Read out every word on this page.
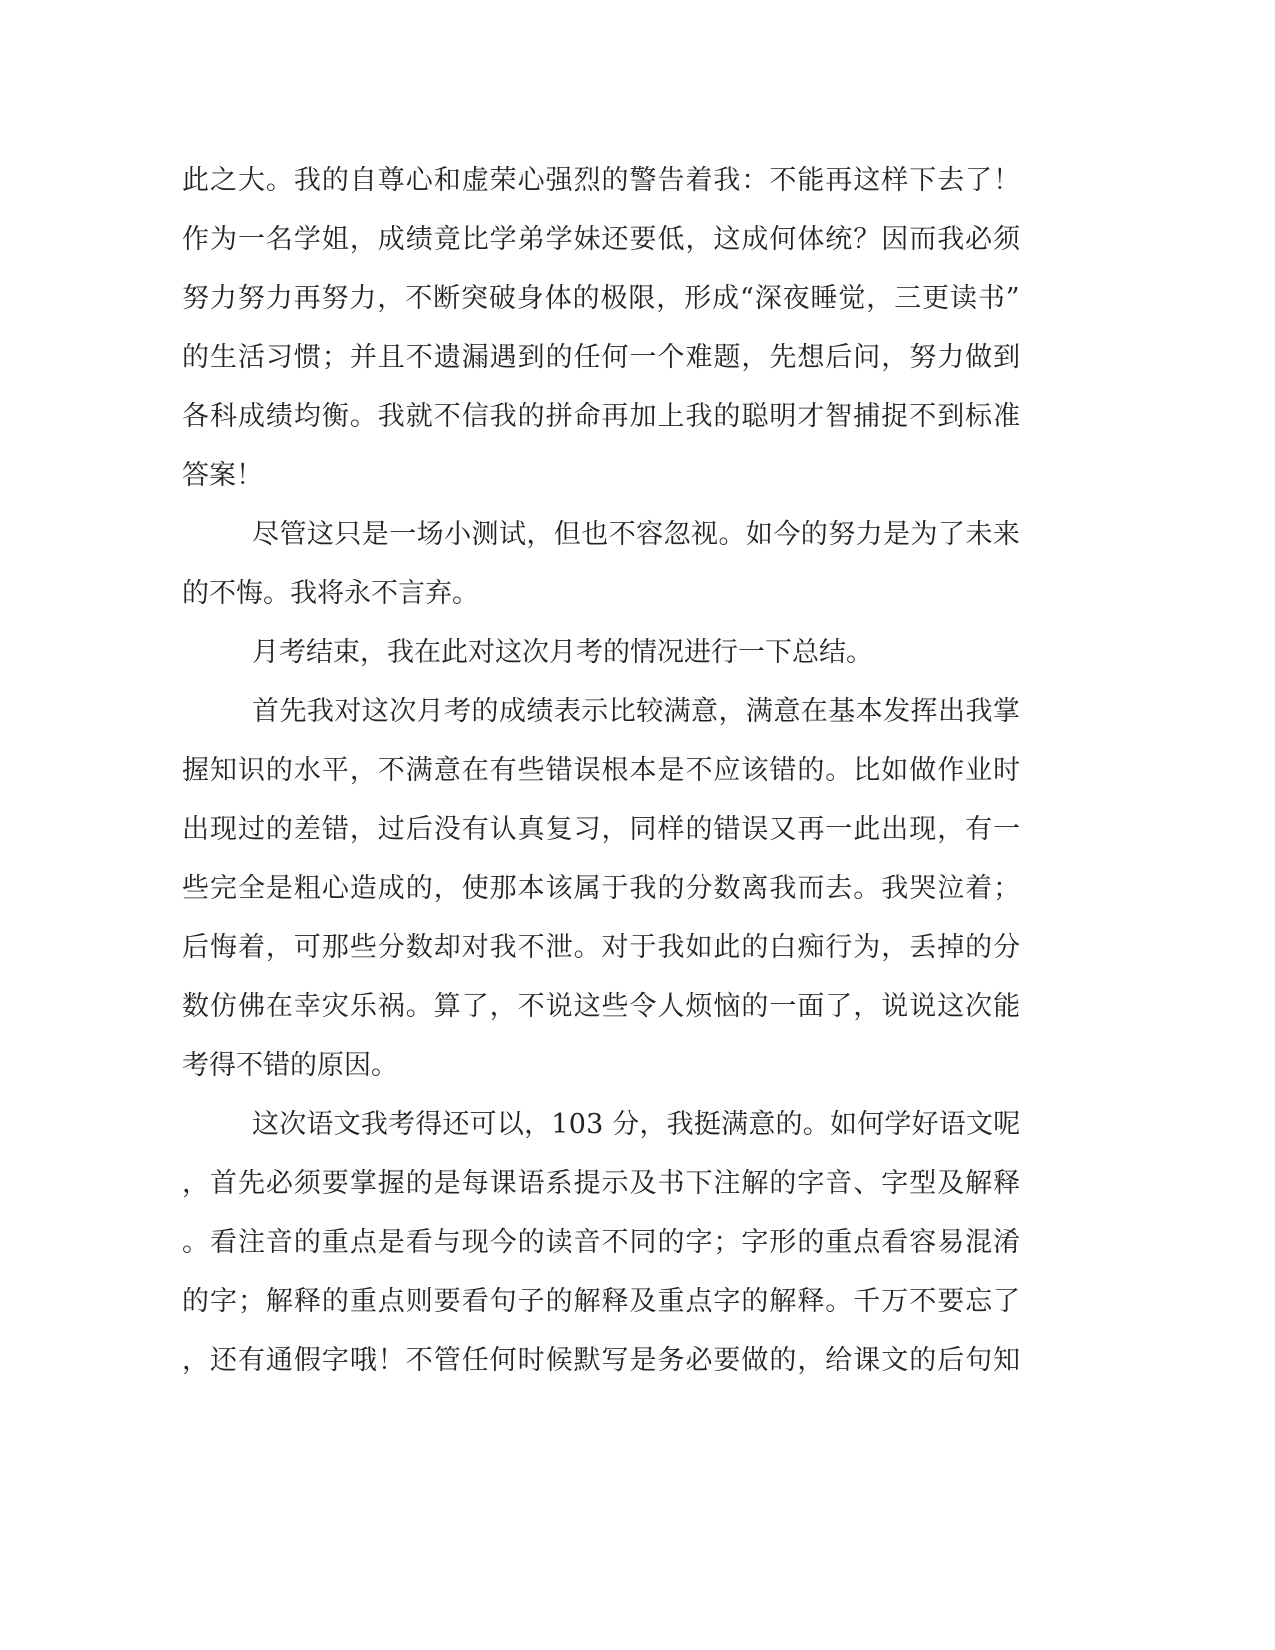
此之大。我的自尊心和虚荣心强烈的警告着我：不能再这样下去了！
作为一名学姐，成绩竟比学弟学妹还要低，这成何体统？因而我必须
努力努力再努力，不断突破身体的极限，形成“深夜睡觉，三更读书”
的生活习惯；并且不遗漏遇到的任何一个难题，先想后问，努力做到
各科成绩均衡。我就不信我的拼命再加上我的聪明才智捕捉不到标准
答案！
尽管这只是一场小测试，但也不容忽视。如今的努力是为了未来
的不悔。我将永不言弃。
月考结束，我在此对这次月考的情况进行一下总结。
首先我对这次月考的成绩表示比较满意，满意在基本发挥出我掌
握知识的水平，不满意在有些错误根本是不应该错的。比如做作业时
出现过的差错，过后没有认真复习，同样的错误又再一此出现，有一
些完全是粗心造成的，使那本该属于我的分数离我而去。我哭泣着；
后悔着，可那些分数却对我不泄。对于我如此的白痴行为，丢掉的分
数仿佛在幸灾乐祸。算了，不说这些令人烦恼的一面了，说说这次能
考得不错的原因。
这次语文我考得还可以，103 分，我挺满意的。如何学好语文呢
，首先必须要掌握的是每课语系提示及书下注解的字音、字型及解释
。看注音的重点是看与现今的读音不同的字；字形的重点看容易混淆
的字；解释的重点则要看句子的解释及重点字的解释。千万不要忘了
，还有通假字哦！不管任何时候默写是务必要做的，给课文的后句知
